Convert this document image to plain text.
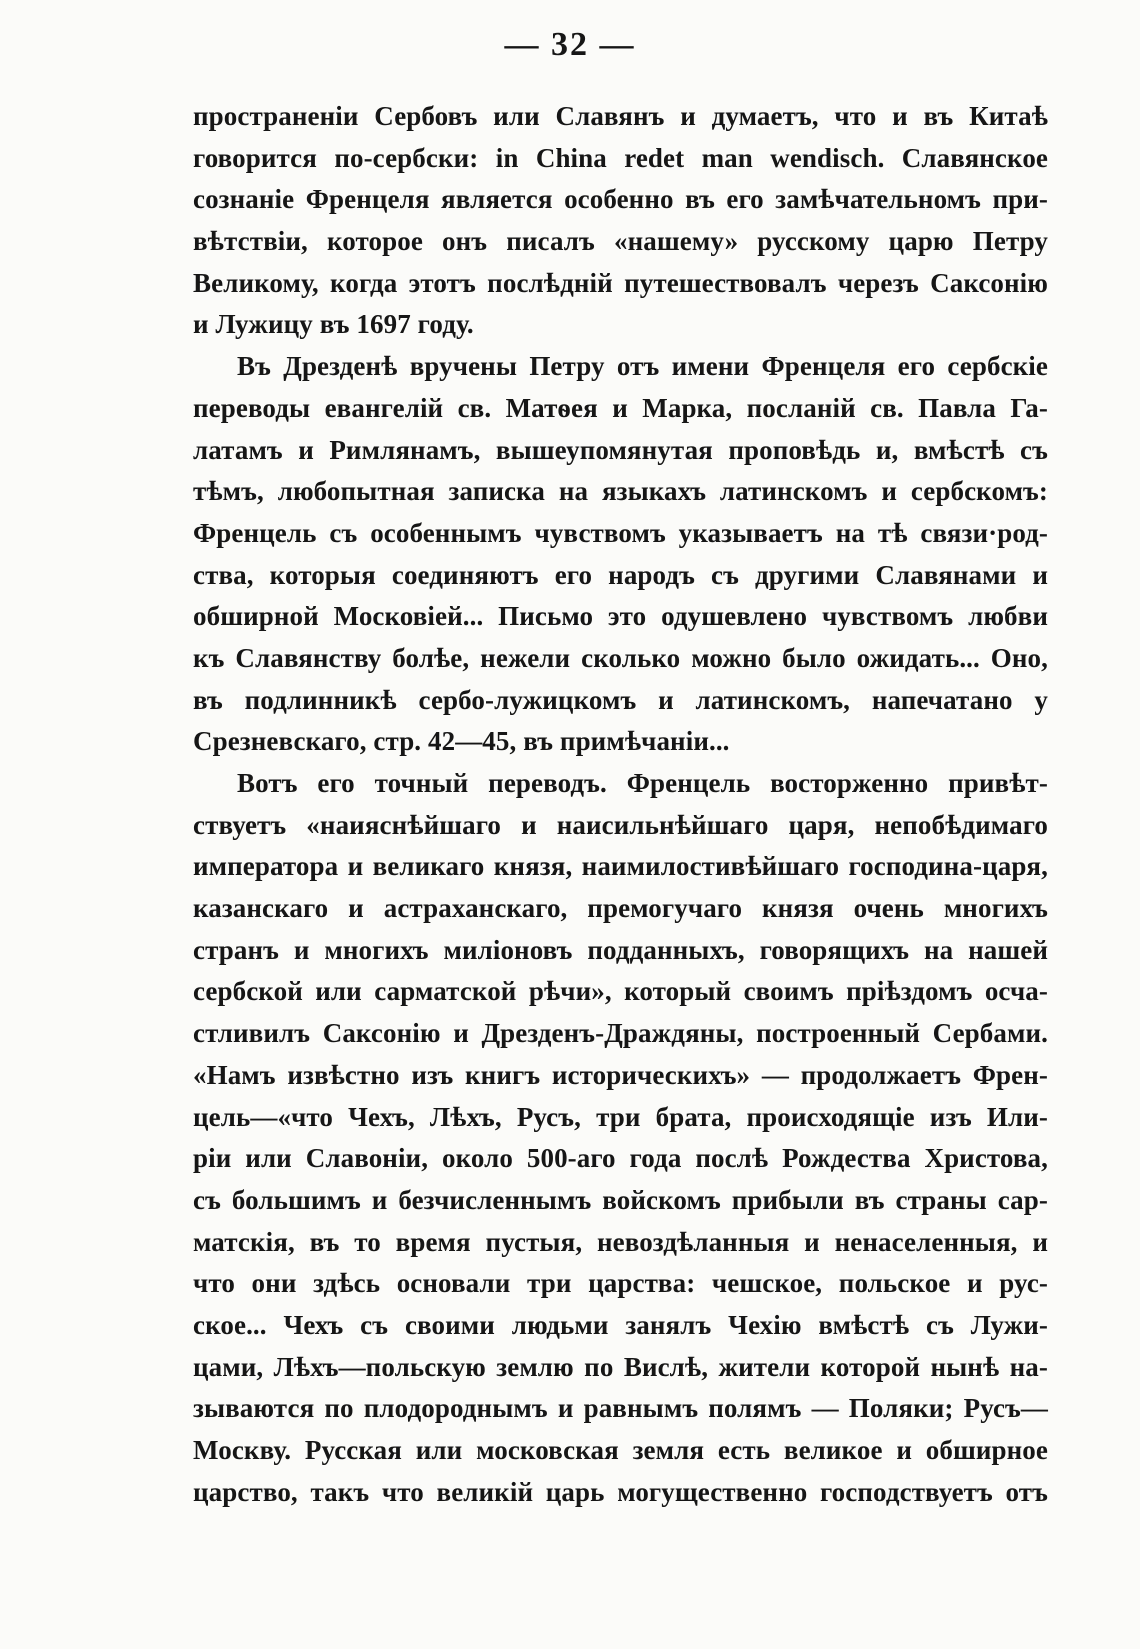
— 32 —
пространеніи Сербовъ или Славянъ и думаетъ, что и въ Китаѣ
говорится по-сербски: in China redet man wendisch. Славянское
сознаніе Френцеля является особенно въ его замѣчательномъ при-
вѣтствіи, которое онъ писалъ «нашему» русскому царю Петру
Великому, когда этотъ послѣдній путешествовалъ черезъ Саксонію
и Лужицу въ 1697 году.
Въ Дрезденѣ вручены Петру отъ имени Френцеля его сербскіе
переводы евангелій св. Матѳея и Марка, посланій св. Павла Га-
латамъ и Римлянамъ, вышеупомянутая проповѣдь и, вмѣстѣ съ
тѣмъ, любопытная записка на языкахъ латинскомъ и сербскомъ:
Френцель съ особеннымъ чувствомъ указываетъ на тѣ связи·род-
ства, которыя соединяютъ его народъ съ другими Славянами и
обширной Московіей... Письмо это одушевлено чувствомъ любви
къ Славянству болѣе, нежели сколько можно было ожидать... Оно,
въ подлинникѣ сербо-лужицкомъ и латинскомъ, напечатано у
Срезневскаго, стр. 42—45, въ примѣчаніи...
Вотъ его точный переводъ. Френцель восторженно привѣт-
ствуетъ «наияснѣйшаго и наисильнѣйшаго царя, непобѣдимаго
императора и великаго князя, наимилостивѣйшаго господина-царя,
казанскаго и астраханскаго, премогучаго князя очень многихъ
странъ и многихъ миліоновъ подданныхъ, говорящихъ на нашей
сербской или сарматской рѣчи», который своимъ пріѣздомъ осча-
стливилъ Саксонію и Дрезденъ-Драждяны, построенный Сербами.
«Намъ извѣстно изъ книгъ историческихъ» — продолжаетъ Френ-
цель—«что Чехъ, Лѣхъ, Русъ, три брата, происходящіе изъ Или-
ріи или Славоніи, около 500-аго года послѣ Рождества Христова,
съ большимъ и безчисленнымъ войскомъ прибыли въ страны сар-
матскія, въ то время пустыя, невоздѣланныя и ненаселенныя, и
что они здѣсь основали три царства: чешское, польское и рус-
ское... Чехъ съ своими людьми занялъ Чехію вмѣстѣ съ Лужи-
цами, Лѣхъ—польскую землю по Вислѣ, жители которой нынѣ на-
зываются по плодороднымъ и равнымъ полямъ — Поляки; Русъ—
Москву. Русская или московская земля есть великое и обширное
царство, такъ что великій царь могущественно господствуетъ отъ
